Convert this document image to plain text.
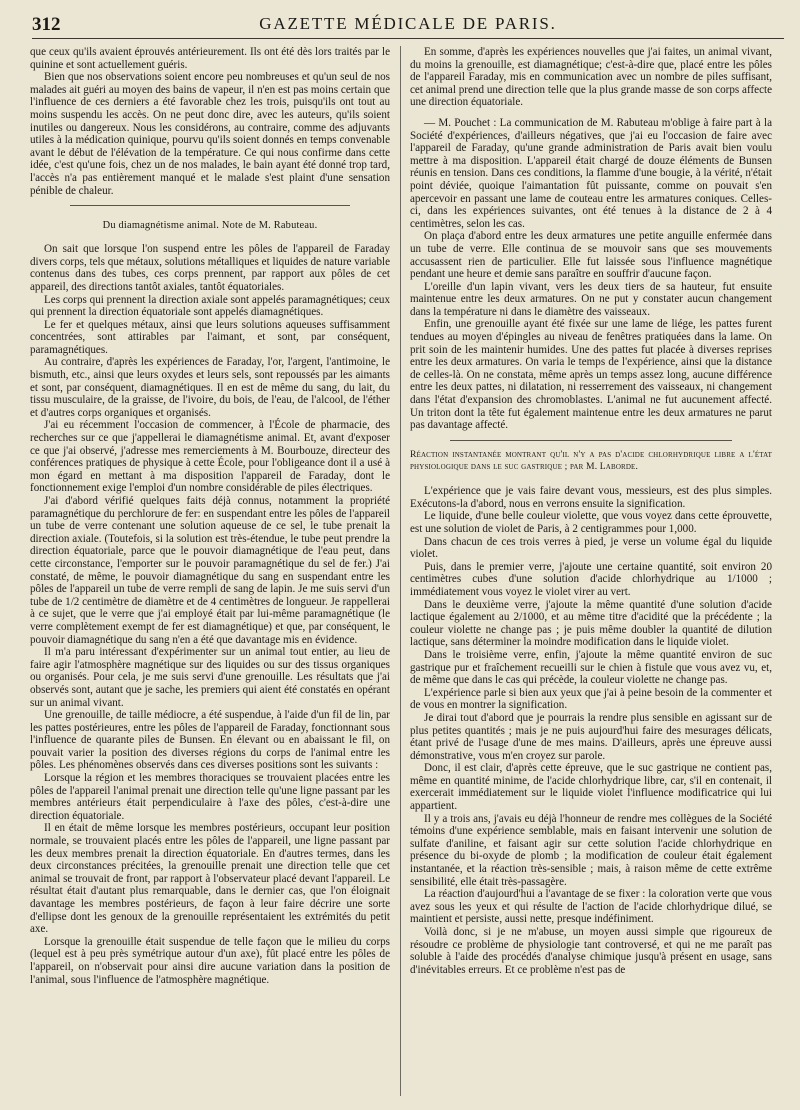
312	GAZETTE MÉDICALE DE PARIS.

que ceux qu'ils avaient éprouvés antérieurement. Ils ont été dès lors traités par le quinine et sont actuellement guéris.

Bien que nos observations soient encore peu nombreuses et qu'un seul de nos malades ait guéri au moyen des bains de vapeur, il n'en est pas moins certain que l'influence de ces derniers a été favorable chez les trois, puisqu'ils ont tout au moins suspendu les accès. On ne peut donc dire, avec les auteurs, qu'ils soient inutiles ou dangereux. Nous les considérons, au contraire, comme des adjuvants utiles à la médication quinique, pourvu qu'ils soient donnés en temps convenable avant le début de l'élévation de la température. Ce qui nous confirme dans cette idée, c'est qu'une fois, chez un de nos malades, le bain ayant été donné trop tard, l'accès n'a pas entièrement manqué et le malade s'est plaint d'une sensation pénible de chaleur.

Du diamagnétisme animal. Note de M. Rabuteau.

On sait que lorsque l'on suspend entre les pôles de l'appareil de Faraday divers corps, tels que métaux, solutions métalliques et liquides de nature variable contenus dans des tubes, ces corps prennent, par rapport aux pôles de cet appareil, des directions tantôt axiales, tantôt équatoriales.

Les corps qui prennent la direction axiale sont appelés paramagnétiques; ceux qui prennent la direction équatoriale sont appelés diamagnétiques.

Le fer et quelques métaux, ainsi que leurs solutions aqueuses suffisamment concentrées, sont attirables par l'aimant, et sont, par conséquent, paramagnétiques.

Au contraire, d'après les expériences de Faraday, l'or, l'argent, l'antimoine, le bismuth, etc., ainsi que leurs oxydes et leurs sels, sont repoussés par les aimants et sont, par conséquent, diamagnétiques. Il en est de même du sang, du lait, du tissu musculaire, de la graisse, de l'ivoire, du bois, de l'eau, de l'alcool, de l'éther et d'autres corps organiques et organisés.

J'ai eu récemment l'occasion de commencer, à l'École de pharmacie, des recherches sur ce que j'appellerai le diamagnétisme animal. Et, avant d'exposer ce que j'ai observé, j'adresse mes remerciements à M. Bourbouze, directeur des conférences pratiques de physique à cette École, pour l'obligeance dont il a usé à mon égard en mettant à ma disposition l'appareil de Faraday, dont le fonctionnement exige l'emploi d'un nombre considérable de piles électriques.

J'ai d'abord vérifié quelques faits déjà connus, notamment la propriété paramagnétique du perchlorure de fer: en suspendant entre les pôles de l'appareil un tube de verre contenant une solution aqueuse de ce sel, le tube prenait la direction axiale. (Toutefois, si la solution est très-étendue, le tube peut prendre la direction équatoriale, parce que le pouvoir diamagnétique de l'eau peut, dans cette circonstance, l'emporter sur le pouvoir paramagnétique du sel de fer.) J'ai constaté, de même, le pouvoir diamagnétique du sang en suspendant entre les pôles de l'appareil un tube de verre rempli de sang de lapin. Je me suis servi d'un tube de 1/2 centimètre de diamètre et de 4 centimètres de longueur. Je rappellerai à ce sujet, que le verre que j'ai employé était par lui-même paramagnétique (le verre complètement exempt de fer est diamagnétique) et que, par conséquent, le pouvoir diamagnétique du sang n'en a été que davantage mis en évidence.

Il m'a paru intéressant d'expérimenter sur un animal tout entier, au lieu de faire agir l'atmosphère magnétique sur des liquides ou sur des tissus organiques ou organisés. Pour cela, je me suis servi d'une grenouille. Les résultats que j'ai observés sont, autant que je sache, les premiers qui aient été constatés en opérant sur un animal vivant.

Une grenouille, de taille médiocre, a été suspendue, à l'aide d'un fil de lin, par les pattes postérieures, entre les pôles de l'appareil de Faraday, fonctionnant sous l'influence de quarante piles de Bunsen. En élevant ou en abaissant le fil, on pouvait varier la position des diverses régions du corps de l'animal entre les pôles. Les phénomènes observés dans ces diverses positions sont les suivants :

Lorsque la région et les membres thoraciques se trouvaient placées entre les pôles de l'appareil l'animal prenait une direction telle qu'une ligne passant par les membres antérieurs était perpendiculaire à l'axe des pôles, c'est-à-dire une direction équatoriale.

Il en était de même lorsque les membres postérieurs, occupant leur position normale, se trouvaient placés entre les pôles de l'appareil, une ligne passant par les deux membres prenait la direction équatoriale. En d'autres termes, dans les deux circonstances précitées, la grenouille prenait une direction telle que cet animal se trouvait de front, par rapport à l'observateur placé devant l'appareil. Le résultat était d'autant plus remarquable, dans le dernier cas, que l'on éloignait davantage les membres postérieurs, de façon à leur faire décrire une sorte d'ellipse dont les genoux de la grenouille représentaient les extrémités du petit axe.

Lorsque la grenouille était suspendue de telle façon que le milieu du corps (lequel est à peu près symétrique autour d'un axe), fût placé entre les pôles de l'appareil, on n'observait pour ainsi dire aucune variation dans la position de l'animal, sous l'influence de l'atmosphère magnétique.

En somme, d'après les expériences nouvelles que j'ai faites, un animal vivant, du moins la grenouille, est diamagnétique; c'est-à-dire que, placé entre les pôles de l'appareil Faraday, mis en communication avec un nombre de piles suffisant, cet animal prend une direction telle que la plus grande masse de son corps affecte une direction équatoriale.

— M. Pouchet : La communication de M. Rabuteau m'oblige à faire part à la Société d'expériences, d'ailleurs négatives, que j'ai eu l'occasion de faire avec l'appareil de Faraday, qu'une grande administration de Paris avait bien voulu mettre à ma disposition. L'appareil était chargé de douze éléments de Bunsen réunis en tension. Dans ces conditions, la flamme d'une bougie, à la vérité, n'était point déviée, quoique l'aimantation fût puissante, comme on pouvait s'en apercevoir en passant une lame de couteau entre les armatures coniques. Celles-ci, dans les expériences suivantes, ont été tenues à la distance de 2 à 4 centimètres, selon les cas.

On plaça d'abord entre les deux armatures une petite anguille enfermée dans un tube de verre. Elle continua de se mouvoir sans que ses mouvements accusassent rien de particulier. Elle fut laissée sous l'influence magnétique pendant une heure et demie sans paraître en souffrir d'aucune façon.

L'oreille d'un lapin vivant, vers les deux tiers de sa hauteur, fut ensuite maintenue entre les deux armatures. On ne put y constater aucun changement dans la température ni dans le diamètre des vaisseaux.

Enfin, une grenouille ayant été fixée sur une lame de liége, les pattes furent tendues au moyen d'épingles au niveau de fenêtres pratiquées dans la lame. On prit soin de les maintenir humides. Une des pattes fut placée à diverses reprises entre les deux armatures. On varia le temps de l'expérience, ainsi que la distance de celles-là. On ne constata, même après un temps assez long, aucune différence entre les deux pattes, ni dilatation, ni resserrement des vaisseaux, ni changement dans l'état d'expansion des chromoblastes. L'animal ne fut aucunement affecté. Un triton dont la tête fut également maintenue entre les deux armatures ne parut pas davantage affecté.

Réaction instantanée montrant qu'il n'y a pas d'acide chlorhydrique libre a l'état physiologique dans le suc gastrique ; par M. Laborde.

L'expérience que je vais faire devant vous, messieurs, est des plus simples. Exécutons-la d'abord, nous en verrons ensuite la signification.

Le liquide, d'une belle couleur violette, que vous voyez dans cette éprouvette, est une solution de violet de Paris, à 2 centigrammes pour 1,000.

Dans chacun de ces trois verres à pied, je verse un volume égal du liquide violet.

Puis, dans le premier verre, j'ajoute une certaine quantité, soit environ 20 centimètres cubes d'une solution d'acide chlorhydrique au 1/1000 ; immédiatement vous voyez le violet virer au vert.

Dans le deuxième verre, j'ajoute la même quantité d'une solution d'acide lactique également au 2/1000, et au même titre d'acidité que la précédente ; la couleur violette ne change pas ; je puis même doubler la quantité de dilution lactique, sans déterminer la moindre modification dans le liquide violet.

Dans le troisième verre, enfin, j'ajoute la même quantité environ de suc gastrique pur et fraîchement recueilli sur le chien à fistule que vous avez vu, et, de même que dans le cas qui précède, la couleur violette ne change pas.

L'expérience parle si bien aux yeux que j'ai à peine besoin de la commenter et de vous en montrer la signification.

Je dirai tout d'abord que je pourrais la rendre plus sensible en agissant sur de plus petites quantités ; mais je ne puis aujourd'hui faire des mesurages délicats, étant privé de l'usage d'une de mes mains. D'ailleurs, après une épreuve aussi démonstrative, vous m'en croyez sur parole.

Donc, il est clair, d'après cette épreuve, que le suc gastrique ne contient pas, même en quantité minime, de l'acide chlorhydrique libre, car, s'il en contenait, il exercerait immédiatement sur le liquide violet l'influence modificatrice qui lui appartient.

Il y a trois ans, j'avais eu déjà l'honneur de rendre mes collègues de la Société témoins d'une expérience semblable, mais en faisant intervenir une solution de sulfate d'aniline, et faisant agir sur cette solution l'acide chlorhydrique en présence du bi-oxyde de plomb ; la modification de couleur était également instantanée, et la réaction très-sensible ; mais, à raison même de cette extrême sensibilité, elle était très-passagère.

La réaction d'aujourd'hui a l'avantage de se fixer : la coloration verte que vous avez sous les yeux et qui résulte de l'action de l'acide chlorhydrique dilué, se maintient et persiste, aussi nette, presque indéfiniment.

Voilà donc, si je ne m'abuse, un moyen aussi simple que rigoureux de résoudre ce problème de physiologie tant controversé, et qui ne me paraît pas soluble à l'aide des procédés d'analyse chimique jusqu'à présent en usage, sans d'inévitables erreurs. Et ce problème n'est pas de
